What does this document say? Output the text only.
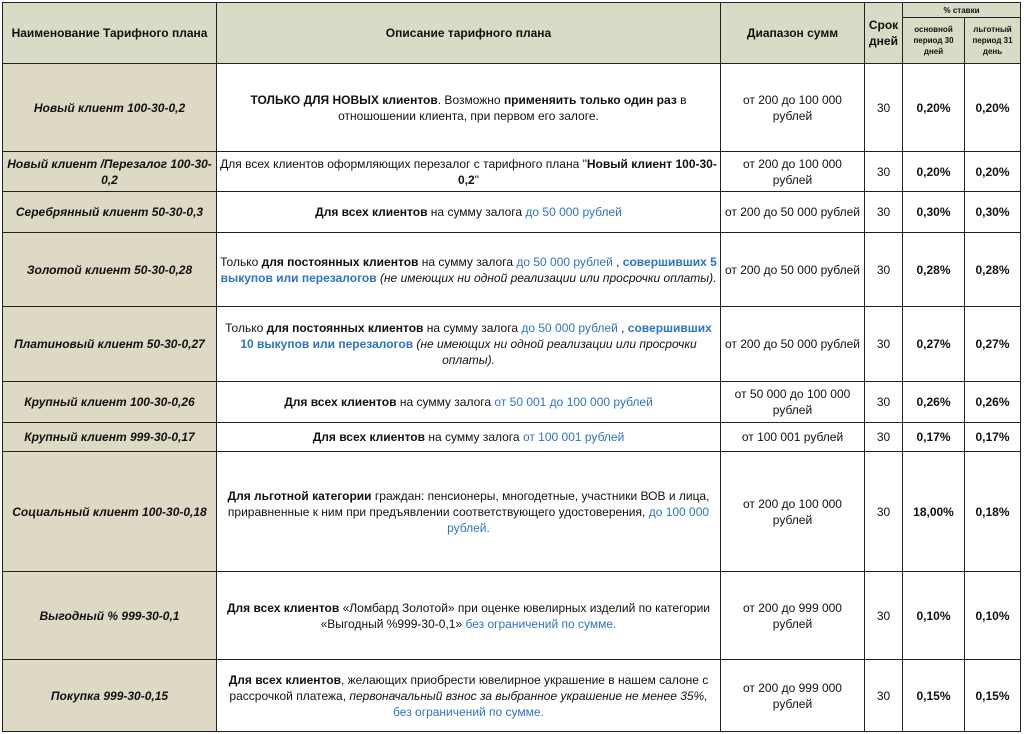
Наименование Тарифного плана	Описание тарифного плана	Диапазон сумм	Срок дней	% ставки	
				основной период 30 дней	льготный период 31 день
Новый клиент 100-30-0,2	ТОЛЬКО ДЛЯ НОВЫХ клиентов. Возможно применяить только один раз в отношошении клиента, при первом его залоге.	от 200 до 100 000 рублей	30	0,20%	0,20%
Новый клиент /Перезалог 100-30-0,2	Для всех клиентов оформляющих перезалог с тарифного плана "Новый клиент 100-30-0,2"	от 200 до 100 000 рублей	30	0,20%	0,20%
Серебрянный клиент 50-30-0,3	Для всех клиентов на сумму залога до 50 000 рублей	от 200 до 50 000 рублей	30	0,30%	0,30%
Золотой клиент 50-30-0,28	Только для постоянных клиентов на сумму залога до 50 000 рублей , совершивших 5 выкупов или перезалогов (не имеющих ни одной реализации или просрочки оплаты).	от 200 до 50 000 рублей	30	0,28%	0,28%
Платиновый клиент 50-30-0,27	Только для постоянных клиентов на сумму залога до 50 000 рублей , совершивших 10 выкупов или перезалогов (не имеющих ни одной реализации или просрочки оплаты).	от 200 до 50 000 рублей	30	0,27%	0,27%
Крупный клиент 100-30-0,26	Для всех клиентов на сумму залога от 50 001 до 100 000 рублей	от 50 000 до 100 000 рублей	30	0,26%	0,26%
Крупный клиент 999-30-0,17	Для всех клиентов на сумму залога от 100 001 рублей	от 100 001 рублей	30	0,17%	0,17%
Социальный клиент 100-30-0,18	Для льготной категории граждан: пенсионеры, многодетные, участники ВОВ и лица, приравненные к ним при предъявлении соответствующего удостоверения, до 100 000 рублей.	от 200 до 100 000 рублей	30	18,00%	0,18%
Выгодный % 999-30-0,1	Для всех клиентов «Ломбард Золотой» при оценке ювелирных изделий по категории «Выгодный %999-30-0,1» без ограничений по сумме.	от 200 до 999 000 рублей	30	0,10%	0,10%
Покупка 999-30-0,15	Для всех клиентов, желающих приобрести ювелирное украшение в нашем салоне с рассрочкой платежа, первоначальный взнос за выбранное украшение не менее 35%, без ограничений по сумме.	от 200 до 999 000 рублей	30	0,15%	0,15%
